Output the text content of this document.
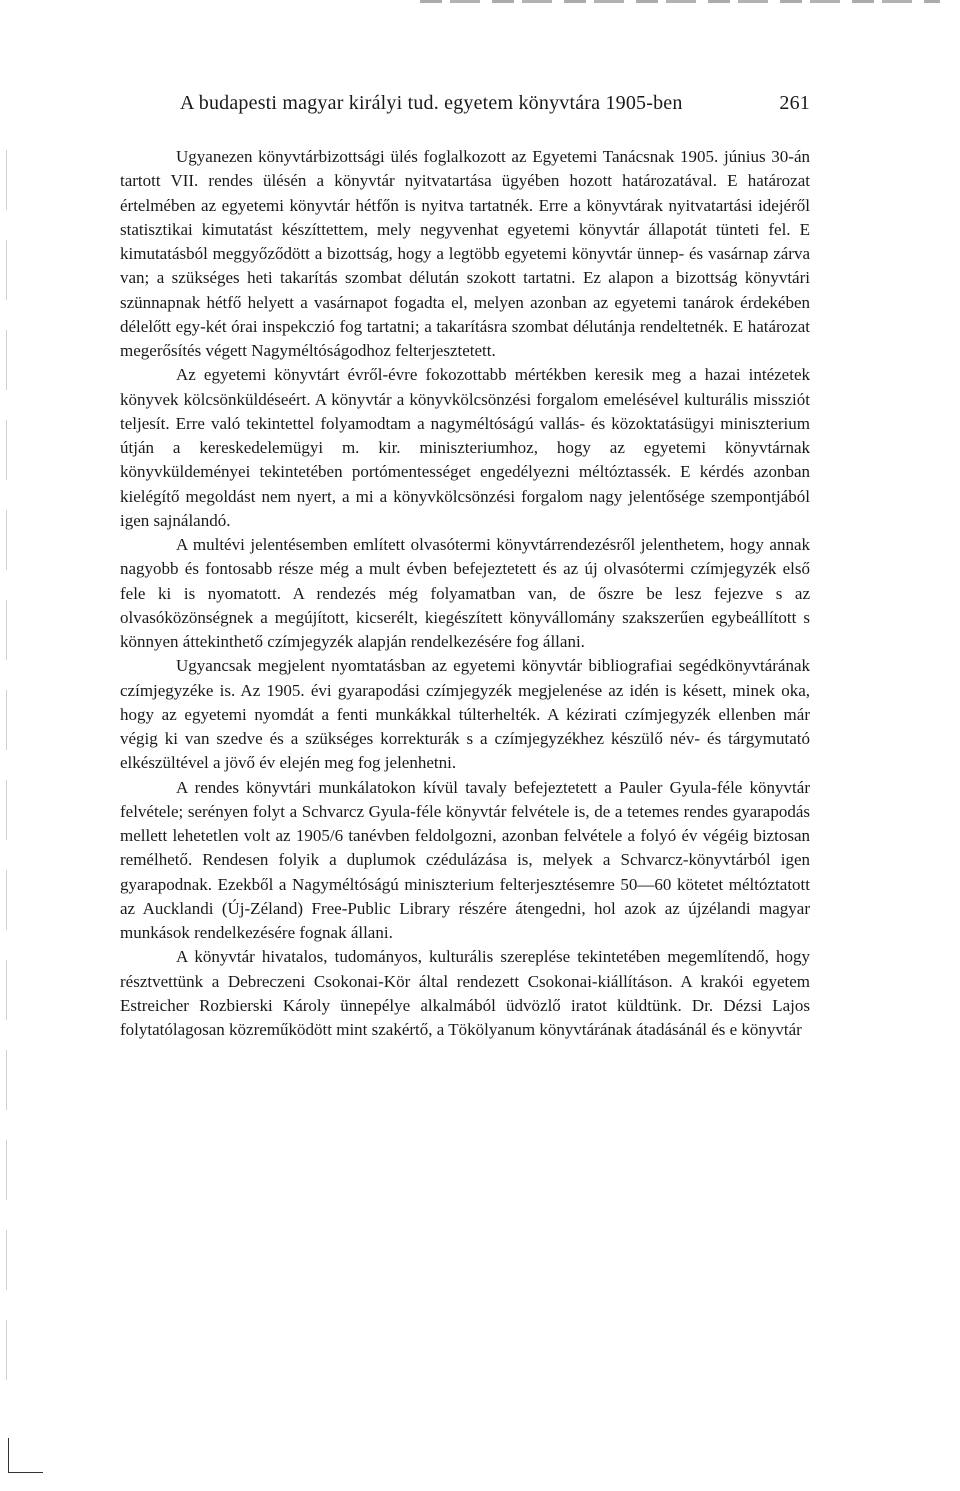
A budapesti magyar királyi tud. egyetem könyvtára 1905-ben	261

Ugyanezen könyvtárbizottsági ülés foglalkozott az Egyetemi Tanácsnak 1905. június 30-án tartott VII. rendes ülésén a könyvtár nyitvatartása ügyében hozott határozatával. E határozat értelmében az egyetemi könyvtár hétfőn is nyitva tartatnék. Erre a könyvtárak nyitvatartási idejéről statisztikai kimutatást készíttettem, mely negyvenhat egyetemi könyvtár állapotát tünteti fel. E kimutatásból meggyőződött a bizottság, hogy a legtöbb egyetemi könyvtár ünnep- és vasárnap zárva van; a szükséges heti takarítás szombat délután szokott tartatni. Ez alapon a bizottság könyvtári szünnapnak hétfő helyett a vasárnapot fogadta el, melyen azonban az egyetemi tanárok érdekében délelőtt egy-két órai inspekczió fog tartatni; a takarításra szombat délutánja rendeltetnék. E határozat megerősítés végett Nagyméltóságodhoz felterjesztetett.

Az egyetemi könyvtárt évről-évre fokozottabb mértékben keresik meg a hazai intézetek könyvek kölcsönküldéseért. A könyvtár a könyvkölcsönzési forgalom emelésével kulturális missziót teljesít. Erre való tekintettel folyamodtam a nagyméltóságú vallás- és közoktatásügyi miniszterium útján a kereskedelemügyi m. kir. miniszteriumhoz, hogy az egyetemi könyvtárnak könyvküldeményei tekintetében portómentességet engedélyezni méltóztassék. E kérdés azonban kielégítő megoldást nem nyert, a mi a könyvkölcsönzési forgalom nagy jelentősége szempontjából igen sajnálandó.

A multévi jelentésemben említett olvasótermi könyvtárrendezésről jelenthetem, hogy annak nagyobb és fontosabb része még a mult évben befejeztetett és az új olvasótermi czímjegyzék első fele ki is nyomatott. A rendezés még folyamatban van, de őszre be lesz fejezve s az olvasóközönségnek a megújított, kicserélt, kiegészített könyvállomány szakszerűen egybeállított s könnyen áttekinthető czímjegyzék alapján rendelkezésére fog állani.

Ugyancsak megjelent nyomtatásban az egyetemi könyvtár bibliografiai segédkönyvtárának czímjegyzéke is. Az 1905. évi gyarapodási czímjegyzék megjelenése az idén is késett, minek oka, hogy az egyetemi nyomdát a fenti munkákkal túlterhelték. A kézirati czímjegyzék ellenben már végig ki van szedve és a szükséges korrekturák s a czímjegyzékhez készülő név- és tárgymutató elkészültével a jövő év elején meg fog jelenhetni.

A rendes könyvtári munkálatokon kívül tavaly befejeztetett a Pauler Gyula-féle könyvtár felvétele; serényen folyt a Schvarcz Gyula-féle könyvtár felvétele is, de a tetemes rendes gyarapodás mellett lehetetlen volt az 1905/6 tanévben feldolgozni, azonban felvétele a folyó év végéig biztosan remélhető. Rendesen folyik a duplumok czédulázása is, melyek a Schvarcz-könyvtárból igen gyarapodnak. Ezekből a Nagyméltóságú miniszterium felterjesztésemre 50—60 kötetet méltóztatott az Aucklandi (Új-Zéland) Free-Public Library részére átengedni, hol azok az újzélandi magyar munkások rendelkezésére fognak állani.

A könyvtár hivatalos, tudományos, kulturális szereplése tekintetében megemlítendő, hogy résztvettünk a Debreczeni Csokonai-Kör által rendezett Csokonai-kiállításon. A krakói egyetem Estreicher Rozbierski Károly ünnepélye alkalmából üdvözlő iratot küldtünk. Dr. Dézsi Lajos folytatólagosan közreműködött mint szakértő, a Tökölyanum könyvtárának átadásánál és e könyvtár
